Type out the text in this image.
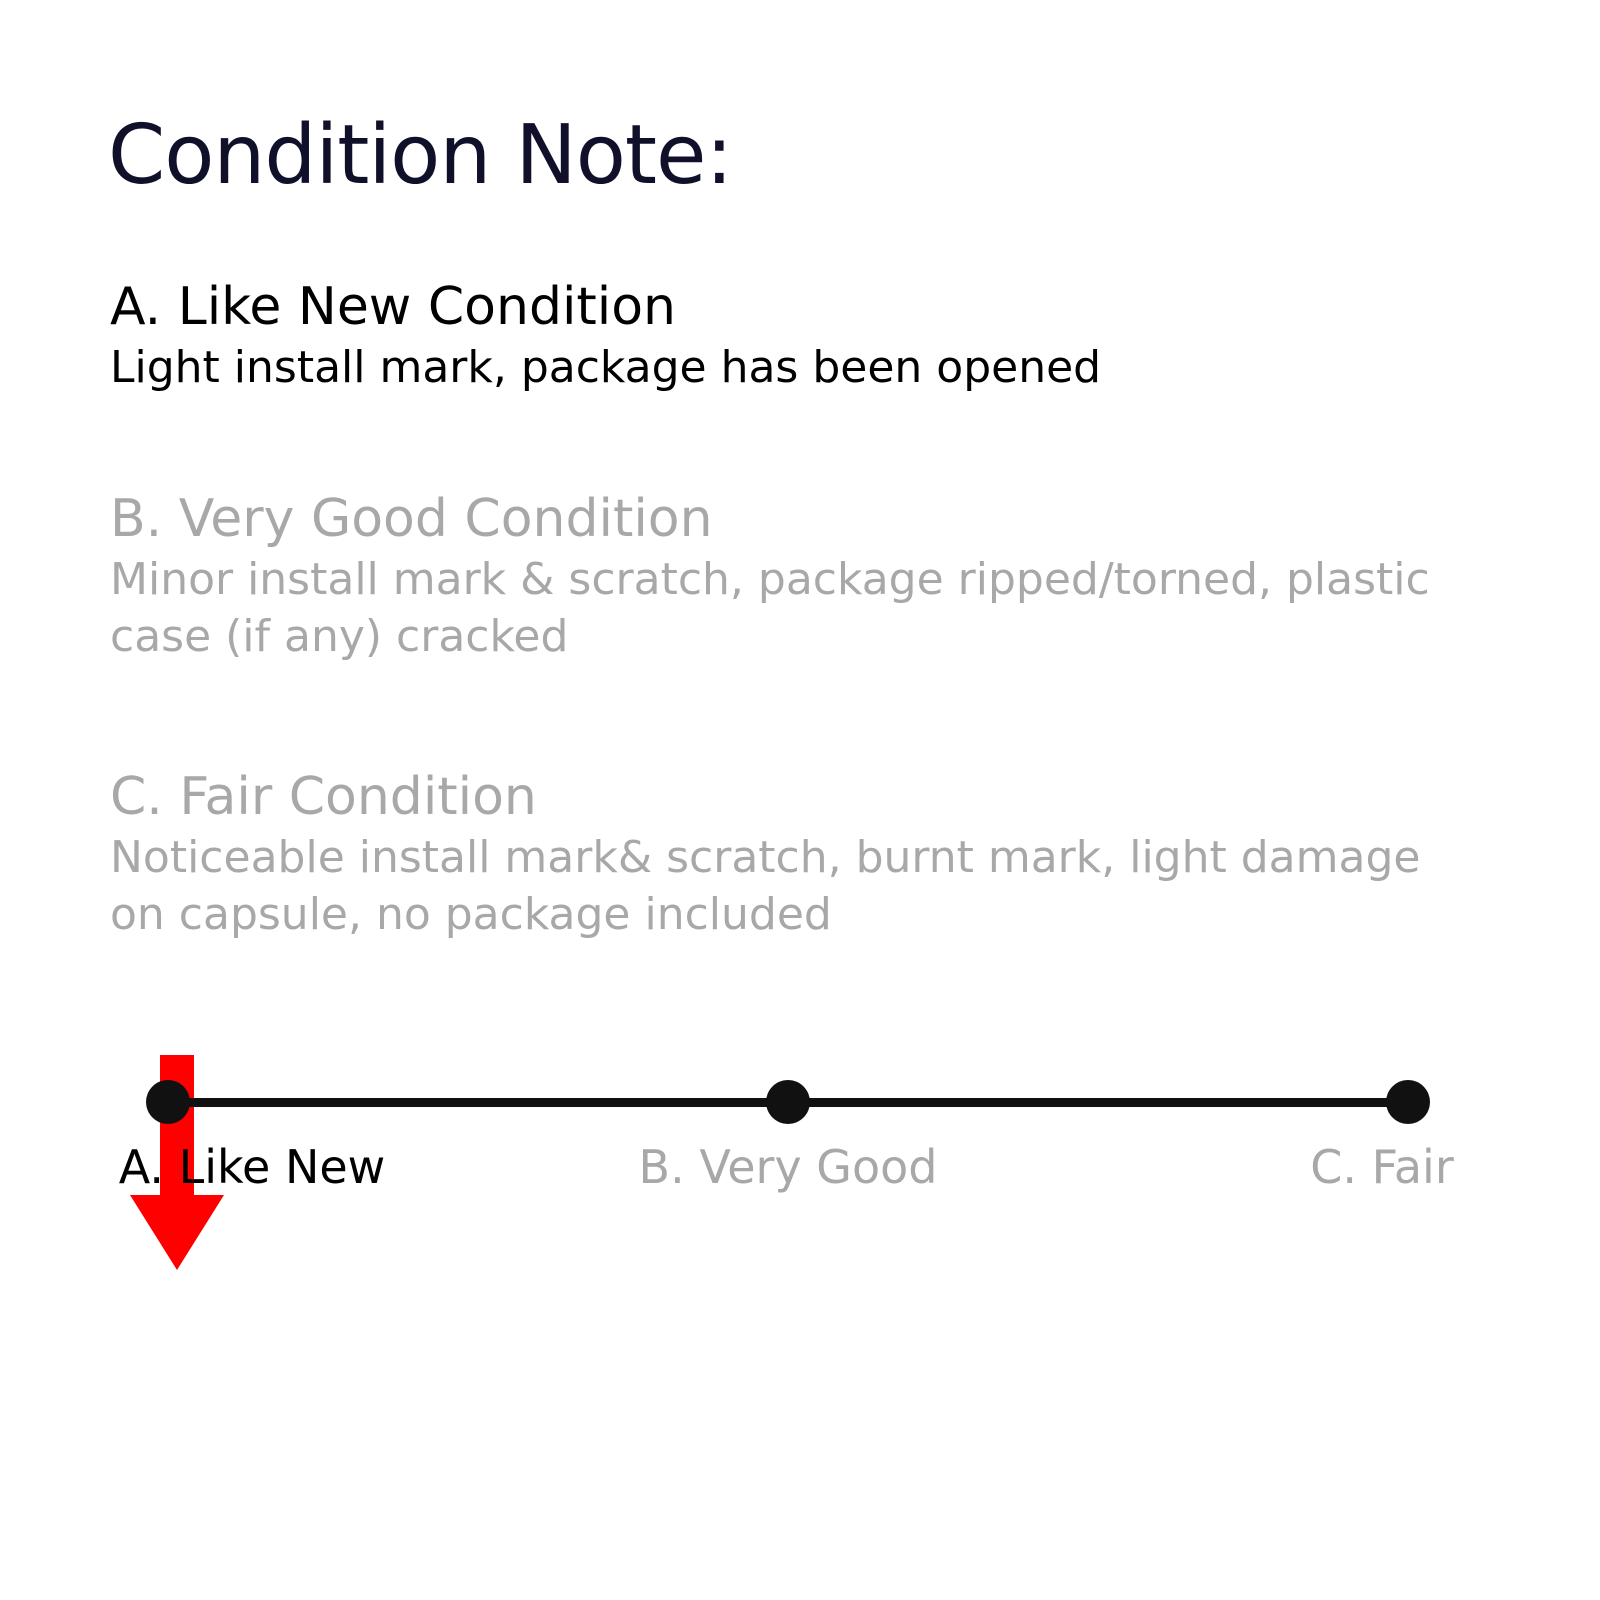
Condition Note:
A. Like New Condition
Light install mark, package has been opened
B. Very Good Condition
Minor install mark & scratch, package ripped/torned, plastic case (if any) cracked
C. Fair Condition
Noticeable install mark& scratch, burnt mark, light damage on capsule, no package included
A. Like New	B. Very Good	C. Fair
